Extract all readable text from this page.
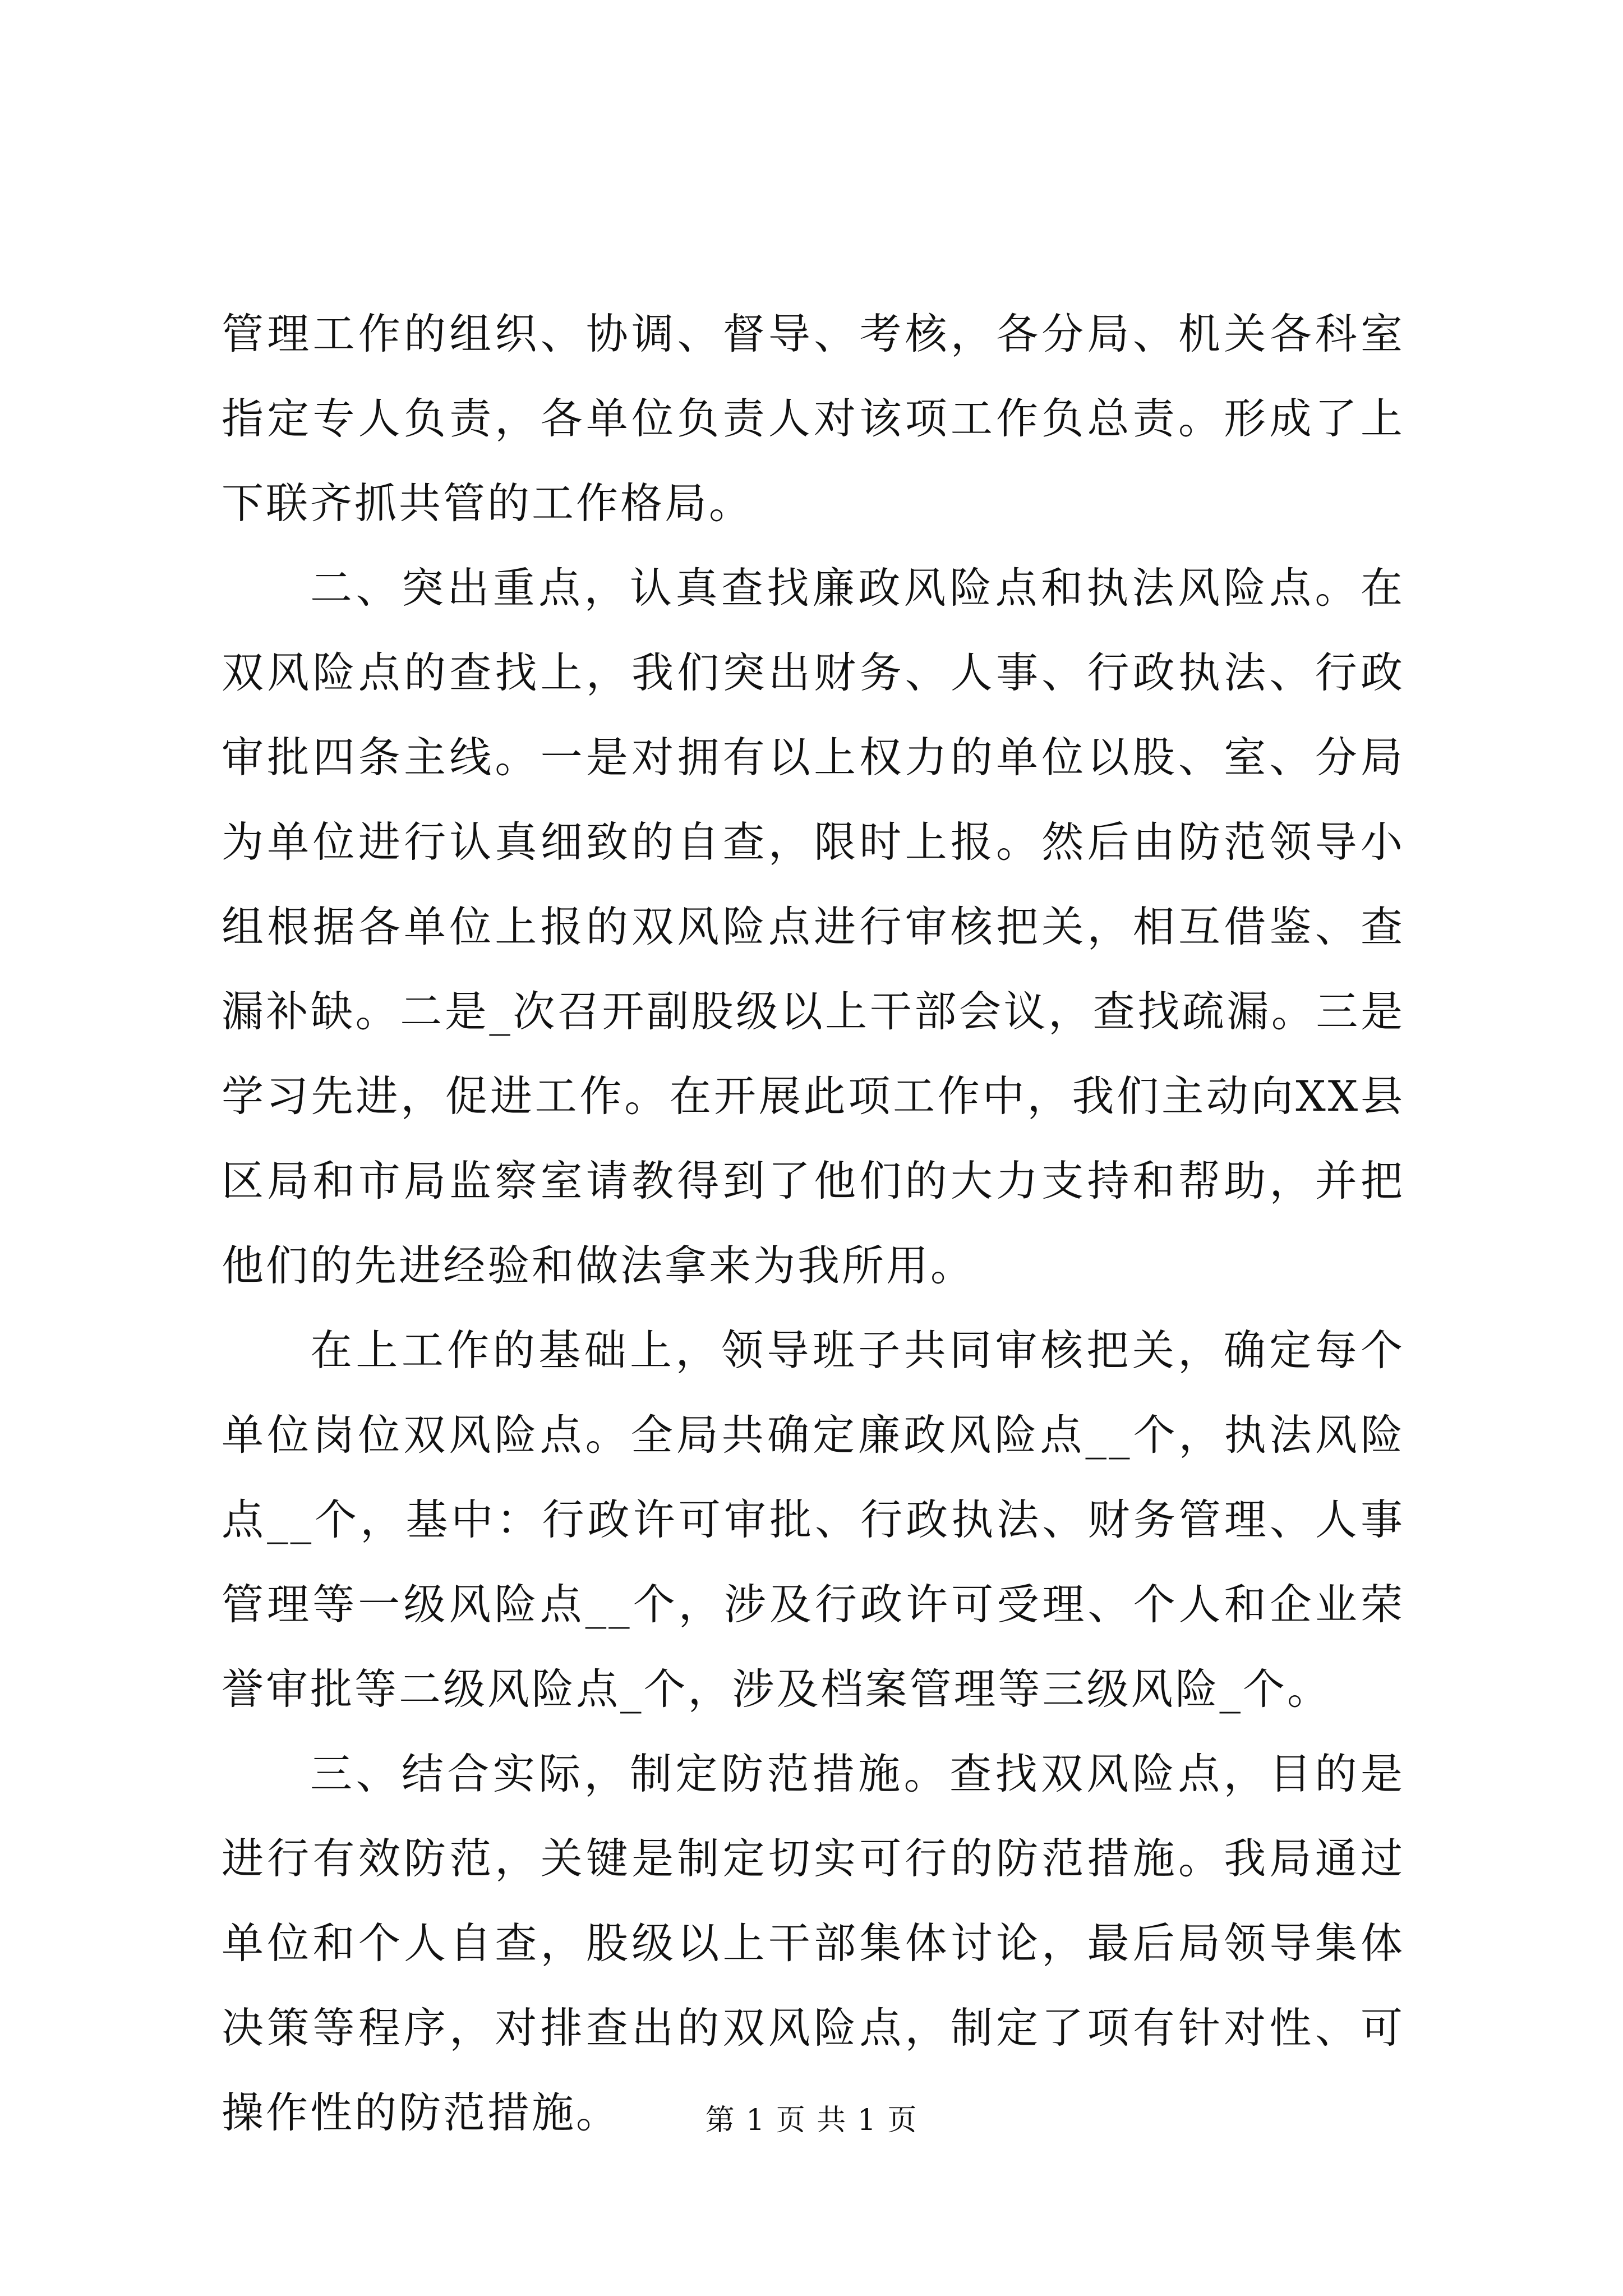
管理工作的组织、协调、督导、考核，各分局、机关各科室指定专人负责，各单位负责人对该项工作负总责。形成了上下联齐抓共管的工作格局。

二、突出重点，认真查找廉政风险点和执法风险点。在双风险点的查找上，我们突出财务、人事、行政执法、行政审批四条主线。一是对拥有以上权力的单位以股、室、分局为单位进行认真细致的自查，限时上报。然后由防范领导小组根据各单位上报的双风险点进行审核把关，相互借鉴、查漏补缺。二是_次召开副股级以上干部会议，查找疏漏。三是学习先进，促进工作。在开展此项工作中，我们主动向XX县区局和市局监察室请教得到了他们的大力支持和帮助，并把他们的先进经验和做法拿来为我所用。

在上工作的基础上，领导班子共同审核把关，确定每个单位岗位双风险点。全局共确定廉政风险点__个，执法风险点__个，基中：行政许可审批、行政执法、财务管理、人事管理等一级风险点__个，涉及行政许可受理、个人和企业荣誉审批等二级风险点_个，涉及档案管理等三级风险_个。

三、结合实际，制定防范措施。查找双风险点，目的是进行有效防范，关键是制定切实可行的防范措施。我局通过单位和个人自查，股级以上干部集体讨论，最后局领导集体决策等程序，对排查出的双风险点，制定了项有针对性、可操作性的防范措施。	第 1 页 共 1 页
